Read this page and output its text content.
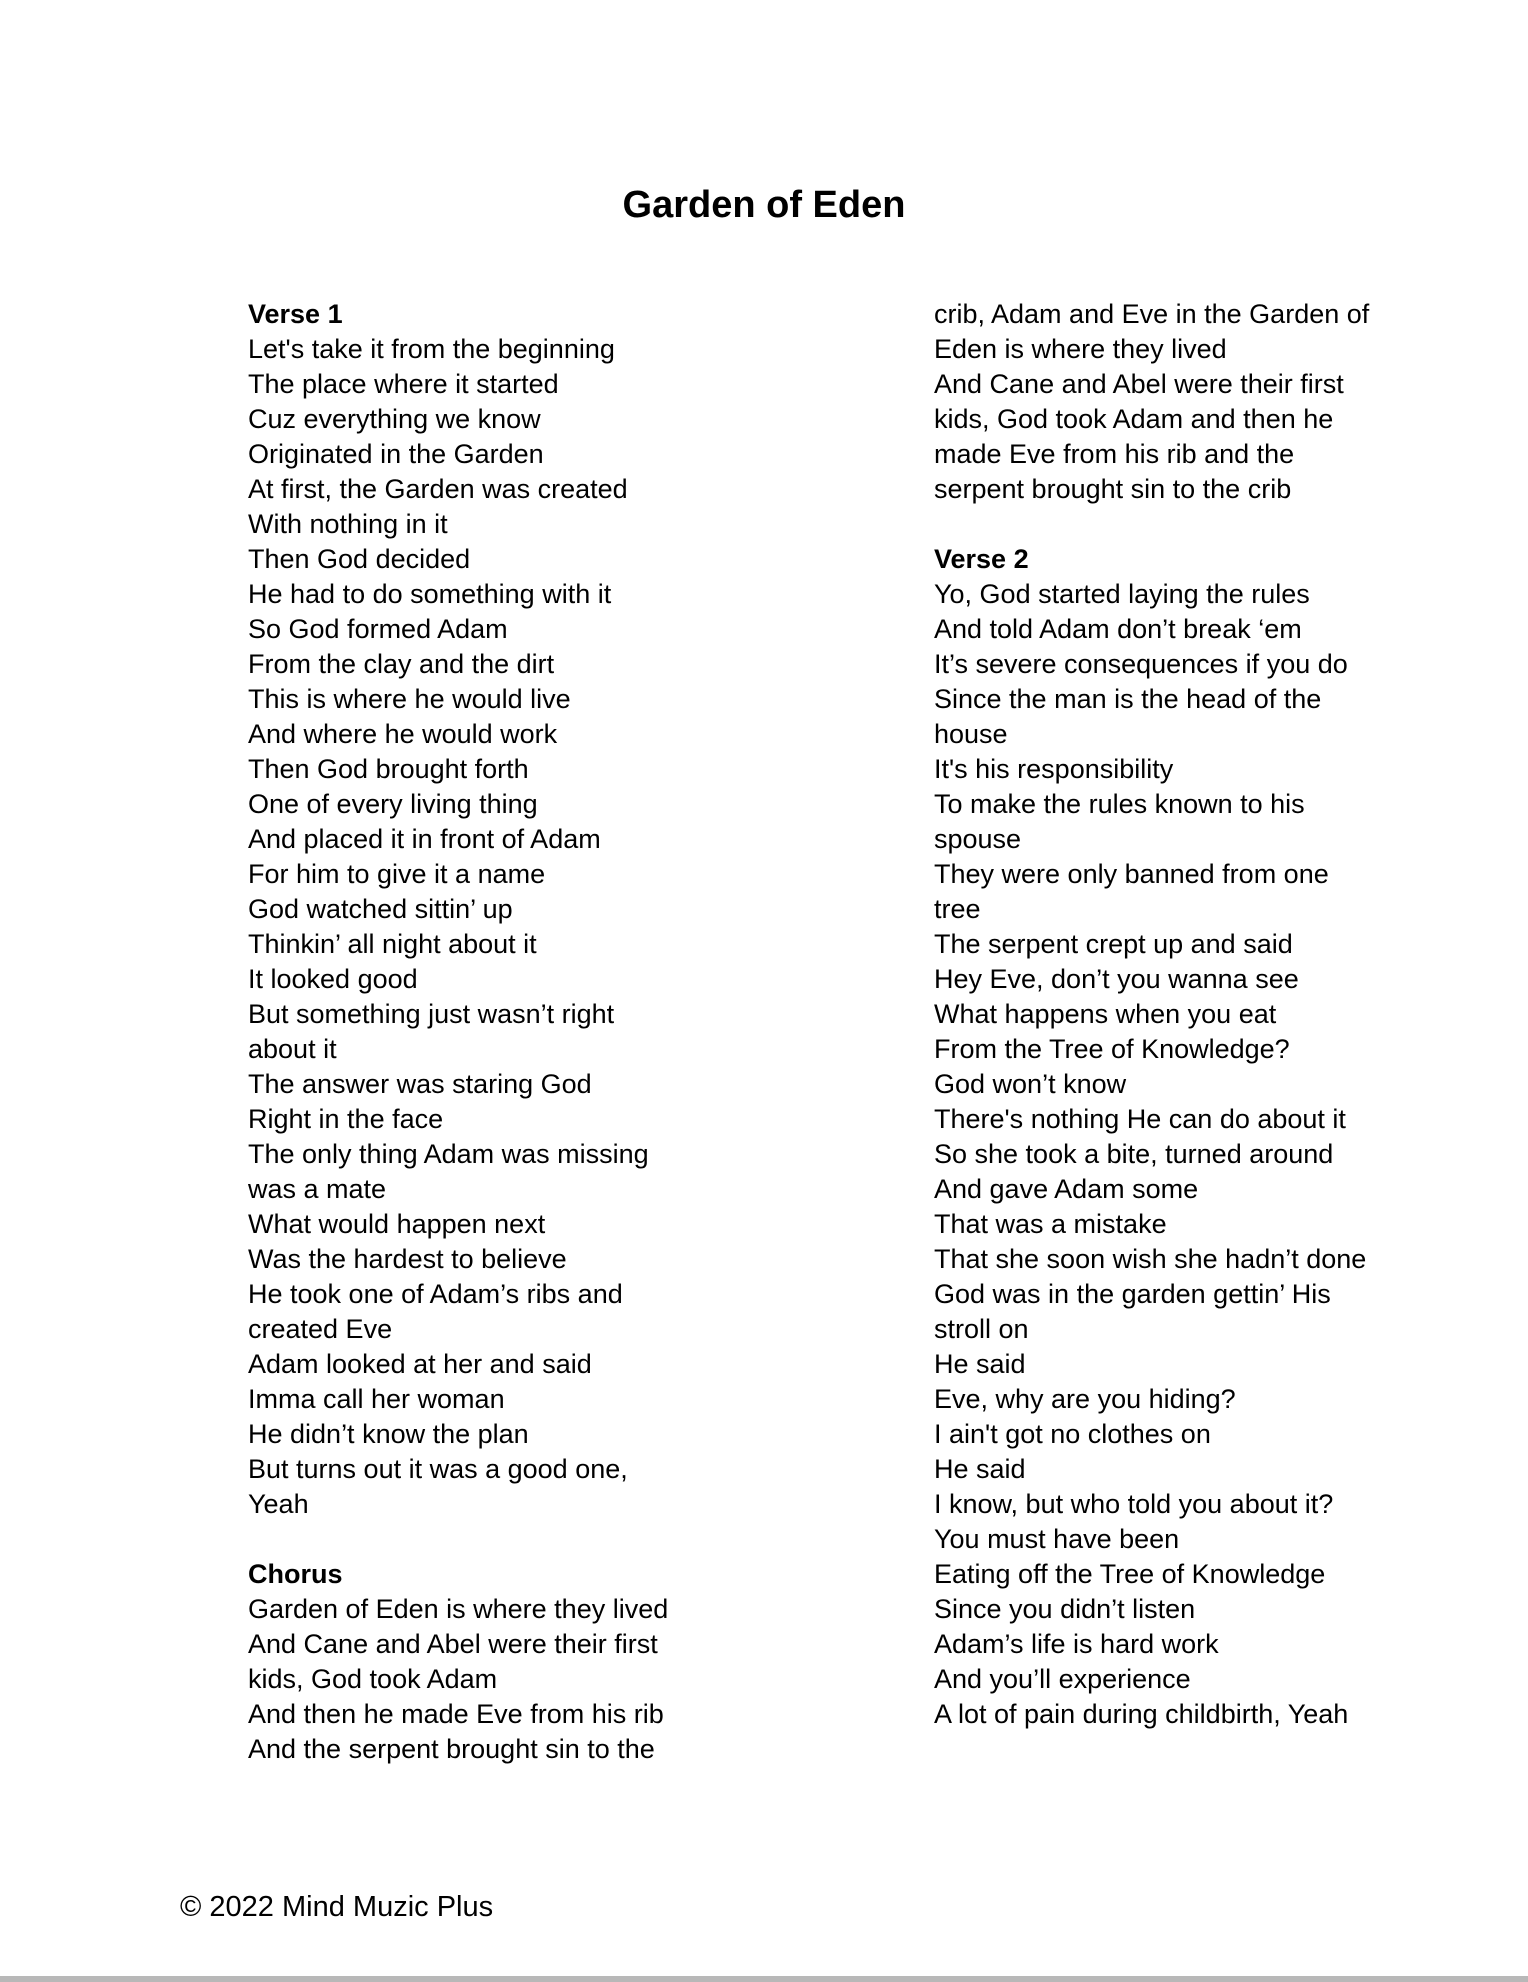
Garden of Eden
Verse 1
Let's take it from the beginning
The place where it started
Cuz everything we know
Originated in the Garden
At first, the Garden was created
With nothing in it
Then God decided
He had to do something with it
So God formed Adam
From the clay and the dirt
This is where he would live
And where he would work
Then God brought forth
One of every living thing
And placed it in front of Adam
For him to give it a name
God watched sittin’ up
Thinkin’ all night about it
It looked good
But something just wasn’t right
about it
The answer was staring God
Right in the face
The only thing Adam was missing
was a mate
What would happen next
Was the hardest to believe
He took one of Adam’s ribs and
created Eve
Adam looked at her and said
Imma call her woman
He didn’t know the plan
But turns out it was a good one,
Yeah
Chorus
Garden of Eden is where they lived
And Cane and Abel were their first
kids, God took Adam
And then he made Eve from his rib
And the serpent brought sin to the
crib, Adam and Eve in the Garden of
Eden is where they lived
And Cane and Abel were their first
kids, God took Adam and then he
made Eve from his rib and the
serpent brought sin to the crib
Verse 2
Yo, God started laying the rules
And told Adam don’t break ‘em
It’s severe consequences if you do
Since the man is the head of the
house
It's his responsibility
To make the rules known to his
spouse
They were only banned from one
tree
The serpent crept up and said
Hey Eve, don’t you wanna see
What happens when you eat
From the Tree of Knowledge?
God won’t know
There's nothing He can do about it
So she took a bite, turned around
And gave Adam some
That was a mistake
That she soon wish she hadn’t done
God was in the garden gettin’ His
stroll on
He said
Eve, why are you hiding?
I ain't got no clothes on
He said
I know, but who told you about it?
You must have been
Eating off the Tree of Knowledge
Since you didn’t listen
Adam’s life is hard work
And you’ll experience
A lot of pain during childbirth, Yeah
© 2022 Mind Muzic Plus
